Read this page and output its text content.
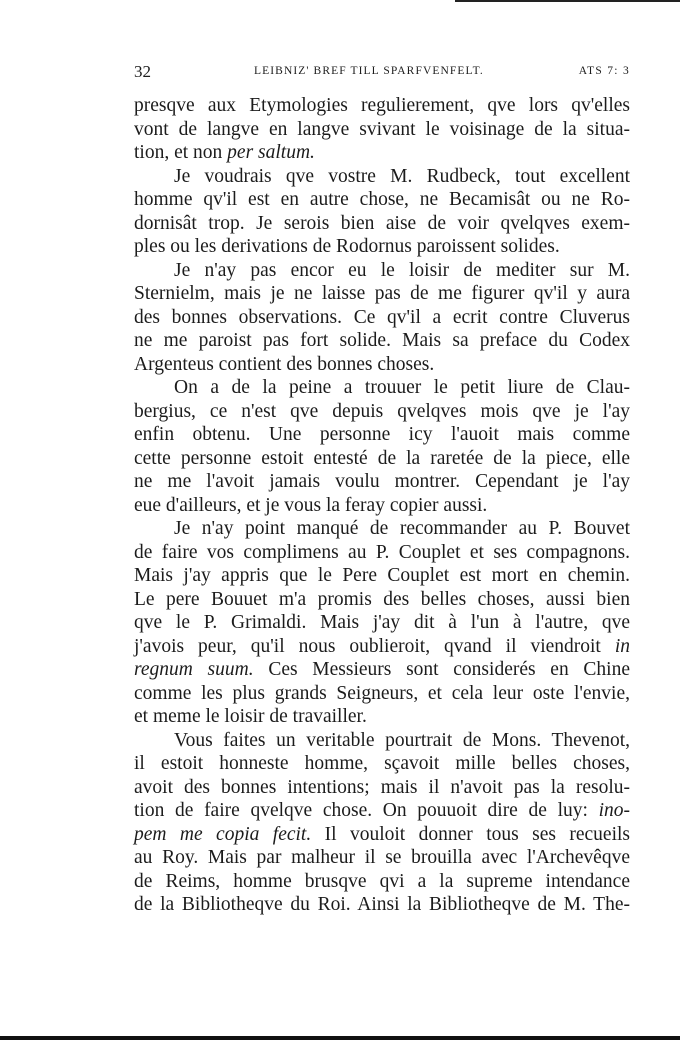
32	LEIBNIZ' BREF TILL SPARFVENFELT.	ATS 7: 3
presqve aux Etymologies regulierement, qve lors qv'elles
vont de langve en langve svivant le voisinage de la situa-
tion, et non per saltum.
Je voudrais qve vostre M. Rudbeck, tout excellent
homme qv'il est en autre chose, ne Becamisât ou ne Ro-
dornisât trop. Je serois bien aise de voir qvelqves exem-
ples ou les derivations de Rodornus paroissent solides.
Je n'ay pas encor eu le loisir de mediter sur M.
Sternielm, mais je ne laisse pas de me figurer qv'il y aura
des bonnes observations. Ce qv'il a ecrit contre Cluverus
ne me paroist pas fort solide. Mais sa preface du Codex
Argenteus contient des bonnes choses.
On a de la peine a trouuer le petit liure de Clau-
bergius, ce n'est qve depuis qvelqves mois qve je l'ay
enfin obtenu. Une personne icy l'auoit mais comme
cette personne estoit entesté de la raretée de la piece, elle
ne me l'avoit jamais voulu montrer. Cependant je l'ay
eue d'ailleurs, et je vous la feray copier aussi.
Je n'ay point manqué de recommander au P. Bouvet
de faire vos complimens au P. Couplet et ses compagnons.
Mais j'ay appris que le Pere Couplet est mort en chemin.
Le pere Bouuet m'a promis des belles choses, aussi bien
qve le P. Grimaldi. Mais j'ay dit à l'un à l'autre, qve
j'avois peur, qu'il nous oublieroit, qvand il viendroit in
regnum suum. Ces Messieurs sont considerés en Chine
comme les plus grands Seigneurs, et cela leur oste l'envie,
et meme le loisir de travailler.
Vous faites un veritable pourtrait de Mons. Thevenot,
il estoit honneste homme, sçavoit mille belles choses,
avoit des bonnes intentions; mais il n'avoit pas la resolu-
tion de faire qvelqve chose. On pouuoit dire de luy: ino-
pem me copia fecit. Il vouloit donner tous ses recueils
au Roy. Mais par malheur il se brouilla avec l'Archevêqve
de Reims, homme brusqve qvi a la supreme intendance
de la Bibliotheqve du Roi. Ainsi la Bibliotheqve de M. The-
